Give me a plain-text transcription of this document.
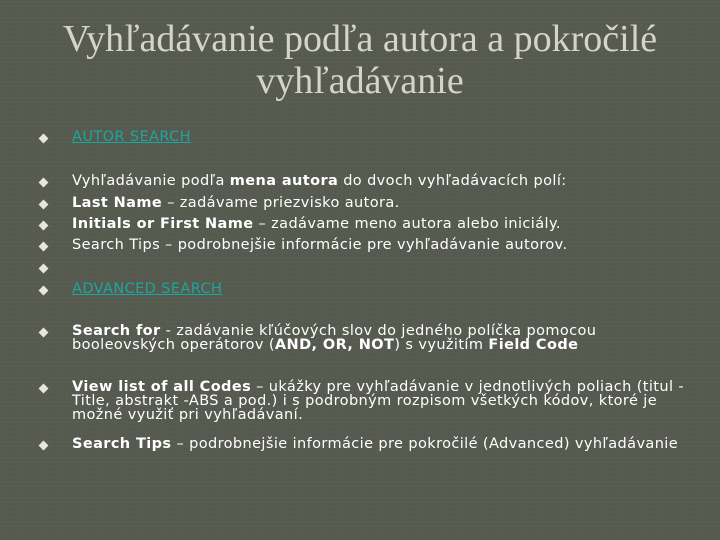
Vyhľadávanie podľa autora a pokročilé
vyhľadávanie
AUTOR SEARCH
Vyhľadávanie podľa mena autora do dvoch vyhľadávacích polí:
Last Name – zadávame priezvisko autora.
Initials or First Name – zadávame meno autora alebo iniciály.
Search Tips – podrobnejšie informácie pre vyhľadávanie autorov.
ADVANCED SEARCH
Search for - zadávanie kľúčových slov do jedného políčka pomocou booleovských operátorov (AND, OR, NOT) s využitím Field Code
View list of all Codes – ukážky pre vyhľadávanie v jednotlivých poliach (titul - Title, abstrakt -ABS a pod.) i s podrobným rozpisom všetkých kódov, ktoré je možné využiť pri vyhľadávaní.
Search Tips – podrobnejšie informácie pre pokročilé (Advanced) vyhľadávanie
